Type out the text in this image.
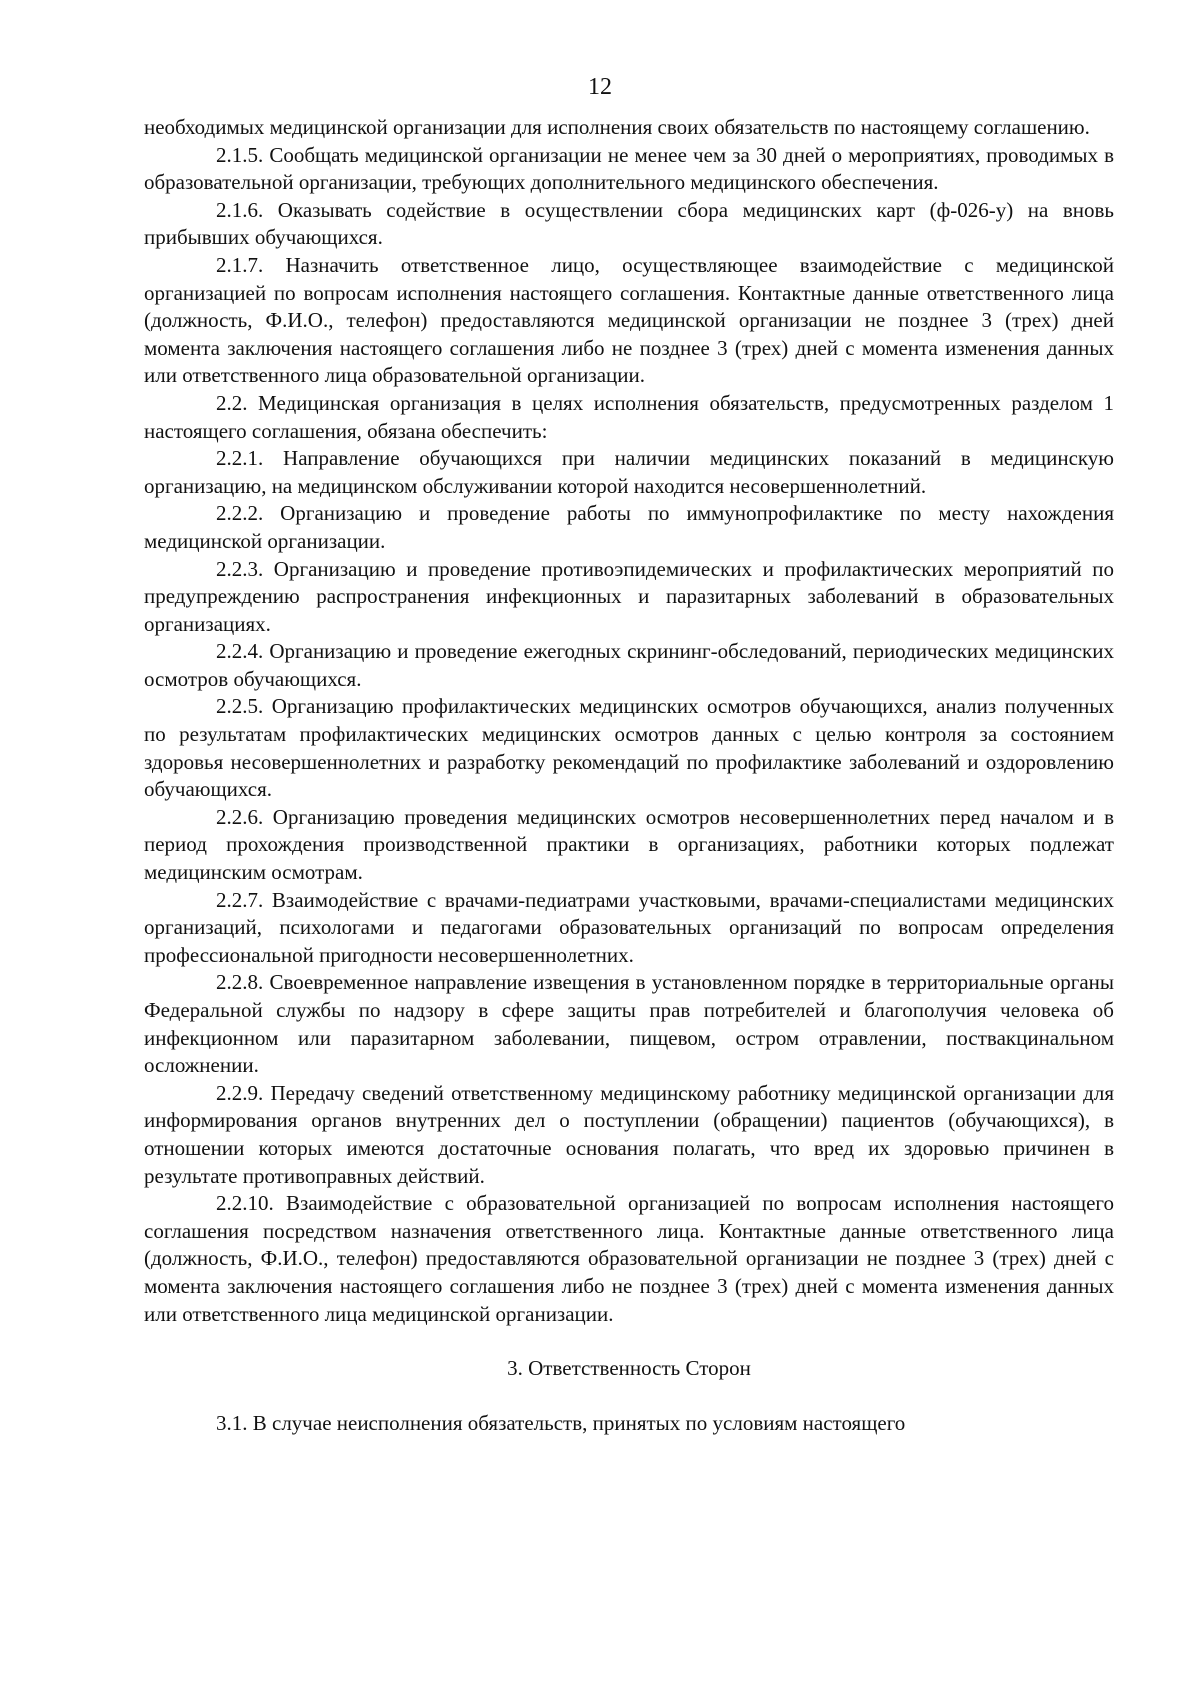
12

необходимых медицинской организации для исполнения своих обязательств по настоящему соглашению.

2.1.5. Сообщать медицинской организации не менее чем за 30 дней о мероприятиях, проводимых в образовательной организации, требующих дополнительного медицинского обеспечения.

2.1.6. Оказывать содействие в осуществлении сбора медицинских карт (ф-026-у) на вновь прибывших обучающихся.

2.1.7. Назначить ответственное лицо, осуществляющее взаимодействие с медицинской организацией по вопросам исполнения настоящего соглашения. Контактные данные ответственного лица (должность, Ф.И.О., телефон) предоставляются медицинской организации не позднее 3 (трех) дней момента заключения настоящего соглашения либо не позднее 3 (трех) дней с момента изменения данных или ответственного лица образовательной организации.

2.2. Медицинская организация в целях исполнения обязательств, предусмотренных разделом 1 настоящего соглашения, обязана обеспечить:

2.2.1. Направление обучающихся при наличии медицинских показаний в медицинскую организацию, на медицинском обслуживании которой находится несовершеннолетний.

2.2.2. Организацию и проведение работы по иммунопрофилактике по месту нахождения медицинской организации.

2.2.3. Организацию и проведение противоэпидемических и профилактических мероприятий по предупреждению распространения инфекционных и паразитарных заболеваний в образовательных организациях.

2.2.4. Организацию и проведение ежегодных скрининг-обследований, периодических медицинских осмотров обучающихся.

2.2.5. Организацию профилактических медицинских осмотров обучающихся, анализ полученных по результатам профилактических медицинских осмотров данных с целью контроля за состоянием здоровья несовершеннолетних и разработку рекомендаций по профилактике заболеваний и оздоровлению обучающихся.

2.2.6. Организацию проведения медицинских осмотров несовершеннолетних перед началом и в период прохождения производственной практики в организациях, работники которых подлежат медицинским осмотрам.

2.2.7. Взаимодействие с врачами-педиатрами участковыми, врачами-специалистами медицинских организаций, психологами и педагогами образовательных организаций по вопросам определения профессиональной пригодности несовершеннолетних.

2.2.8. Своевременное направление извещения в установленном порядке в территориальные органы Федеральной службы по надзору в сфере защиты прав потребителей и благополучия человека об инфекционном или паразитарном заболевании, пищевом, остром отравлении, поствакцинальном осложнении.

2.2.9. Передачу сведений ответственному медицинскому работнику медицинской организации для информирования органов внутренних дел о поступлении (обращении) пациентов (обучающихся), в отношении которых имеются достаточные основания полагать, что вред их здоровью причинен в результате противоправных действий.

2.2.10. Взаимодействие с образовательной организацией по вопросам исполнения настоящего соглашения посредством назначения ответственного лица. Контактные данные ответственного лица (должность, Ф.И.О., телефон) предоставляются образовательной организации не позднее 3 (трех) дней с момента заключения настоящего соглашения либо не позднее 3 (трех) дней с момента изменения данных или ответственного лица медицинской организации.

3. Ответственность Сторон

3.1. В случае неисполнения обязательств, принятых по условиям настоящего
